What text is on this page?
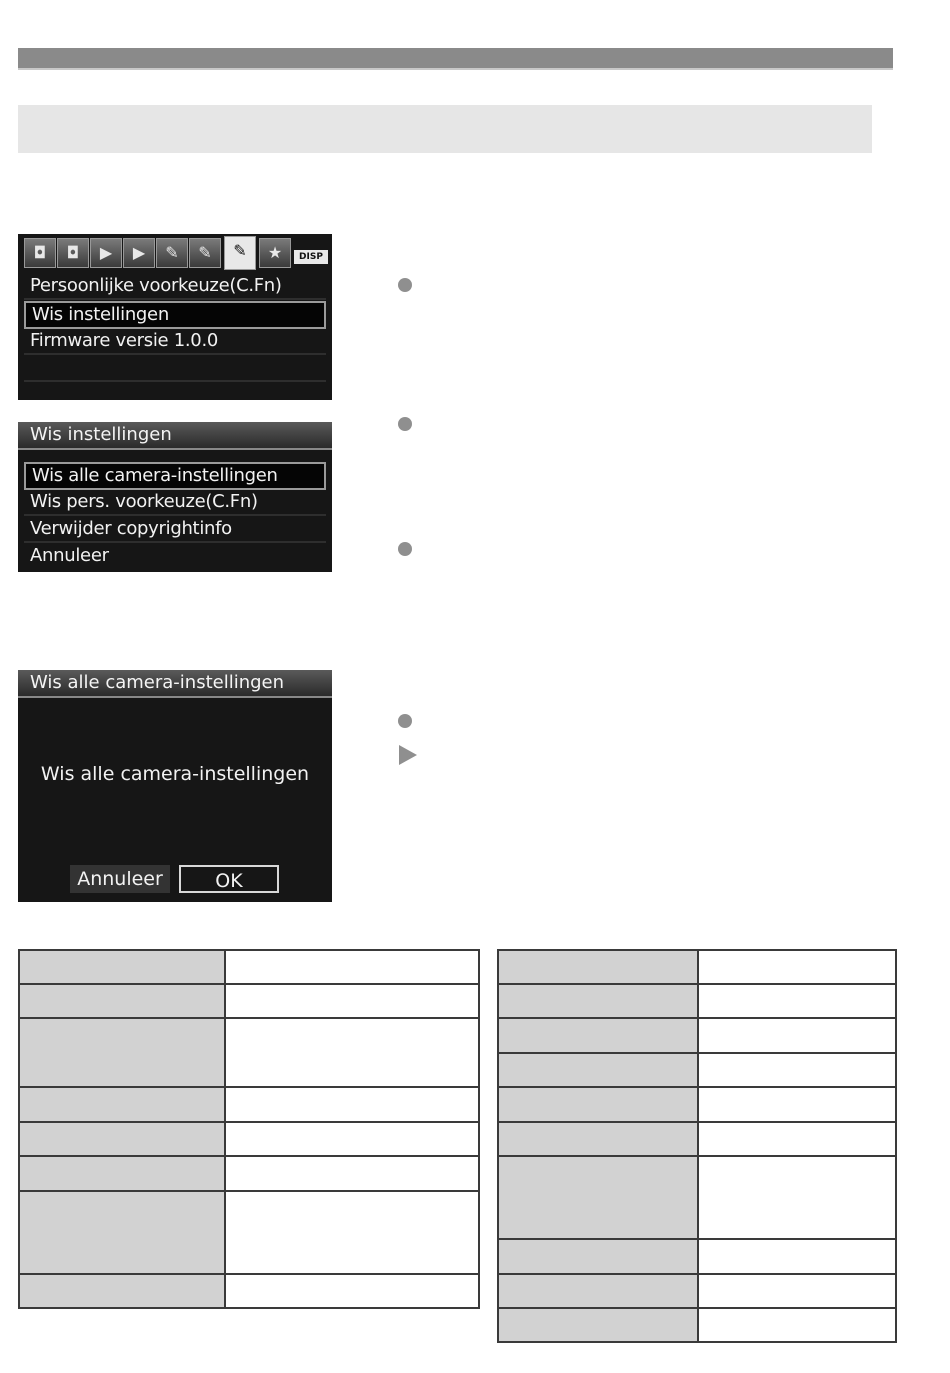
◘	◘	▶	▶	✎	✎	✎	★	DISP
Persoonlijke voorkeuze(C.Fn)
Wis instellingen
Firmware versie 1.0.0
Wis instellingen
Wis alle camera-instellingen
Wis pers. voorkeuze(C.Fn)
Verwijder copyrightinfo
Annuleer
Wis alle camera-instellingen
Wis alle camera-instellingen
Annuleer	OK
